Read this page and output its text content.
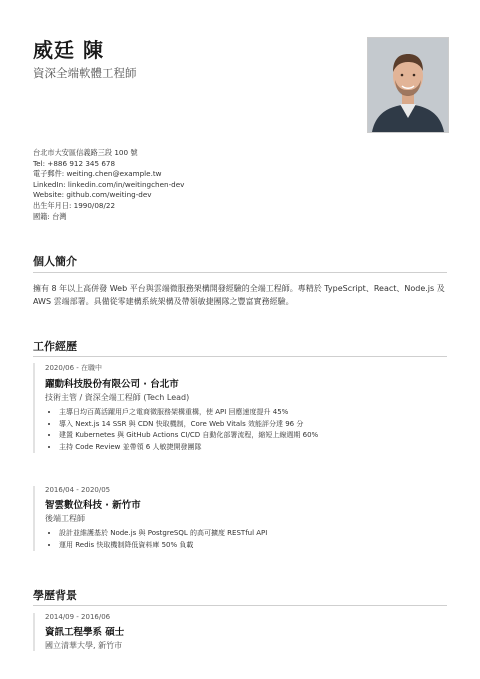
威廷 陳
資深全端軟體工程師
台北市大安區信義路三段 100 號
Tel: +886 912 345 678
電子郵件: weiting.chen@example.tw
LinkedIn: linkedin.com/in/weitingchen-dev
Website: github.com/weiting-dev
出生年月日: 1990/08/22
國籍: 台灣
個人簡介
擁有 8 年以上高併發 Web 平台與雲端微服務架構開發經驗的全端工程師。專精於 TypeScript、React、Node.js 及 AWS 雲端部署。具備從零建構系統架構及帶領敏捷團隊之豐富實務經驗。
工作經歷
2020/06 - 在職中
躍動科技股份有限公司 · 台北市
技術主管 / 資深全端工程師 (Tech Lead)
• 主導日均百萬活躍用戶之電商微服務架構重構，使 API 回應速度提升 45%
• 導入 Next.js 14 SSR 與 CDN 快取機制，Core Web Vitals 效能評分達 96 分
• 建置 Kubernetes 與 GitHub Actions CI/CD 自動化部署流程，縮短上線週期 60%
• 主持 Code Review 並帶領 6 人敏捷開發團隊
2016/04 - 2020/05
智雲數位科技 · 新竹市
後端工程師
• 設計並維護基於 Node.js 與 PostgreSQL 的高可擴度 RESTful API
• 運用 Redis 快取機制降低資料庫 50% 負載
學歷背景
2014/09 - 2016/06
資訊工程學系 碩士
國立清華大學, 新竹市
